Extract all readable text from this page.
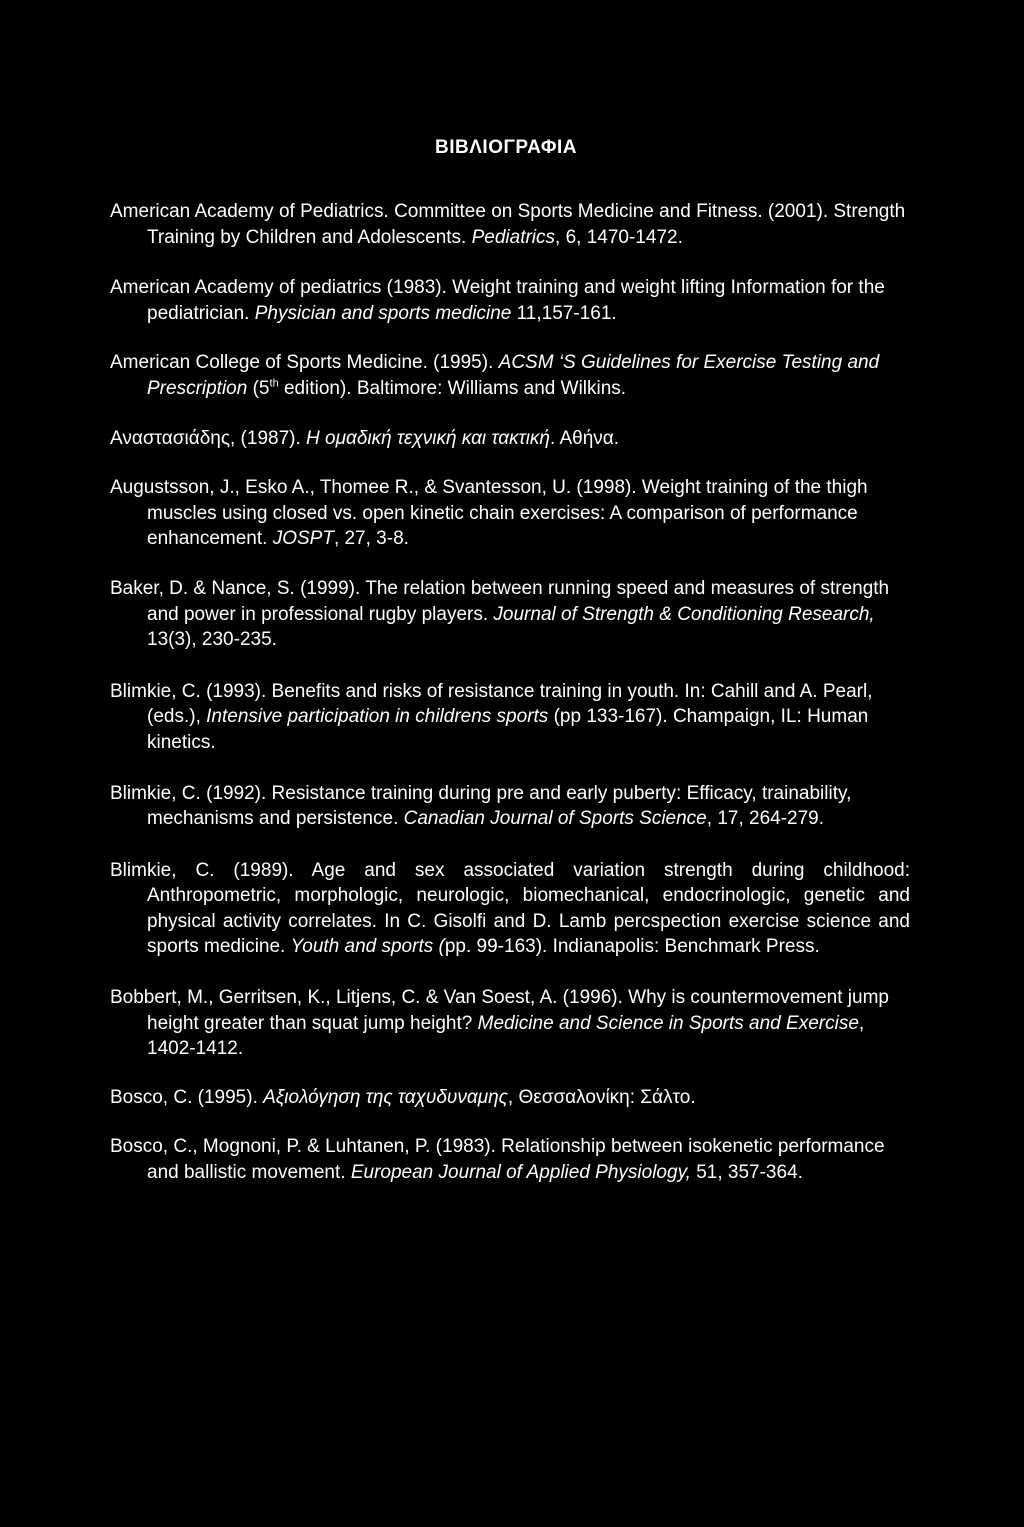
ΒΙΒΛΙΟΓΡΑΦΙΑ
American Academy of Pediatrics. Committee on Sports Medicine and Fitness. (2001). Strength Training by Children and Adolescents. Pediatrics, 6, 1470-1472.
American Academy of pediatrics (1983). Weight training and weight lifting Information for the pediatrician. Physician and sports medicine 11,157-161.
American College of Sports Medicine. (1995). ACSM ‘S Guidelines for Exercise Testing and Prescription (5th edition). Baltimore: Williams and Wilkins.
Αναστασιάδης, (1987). Η ομαδική τεχνική και τακτική. Αθήνα.
Augustsson, J., Esko A., Thomee R., & Svantesson, U. (1998). Weight training of the thigh muscles using closed vs. open kinetic chain exercises: A comparison of performance enhancement. JOSPT, 27, 3-8.
Baker, D. & Nance, S. (1999). The relation between running speed and measures of strength and power in professional rugby players. Journal of Strength & Conditioning Research, 13(3), 230-235.
Blimkie, C. (1993). Benefits and risks of resistance training in youth. In: Cahill and A. Pearl, (eds.), Intensive participation in childrens sports (pp 133-167). Champaign, IL: Human kinetics.
Blimkie, C. (1992). Resistance training during pre and early puberty: Efficacy, trainability, mechanisms and persistence. Canadian Journal of Sports Science, 17, 264-279.
Blimkie, C. (1989). Age and sex associated variation strength during childhood: Anthropometric, morphologic, neurologic, biomechanical, endocrinologic, genetic and physical activity correlates. In C. Gisolfi and D. Lamb percspection exercise science and sports medicine. Youth and sports (pp. 99-163). Indianapolis: Benchmark Press.
Bobbert, M., Gerritsen, K., Litjens, C. & Van Soest, A. (1996). Why is countermovement jump height greater than squat jump height? Medicine and Science in Sports and Exercise, 1402-1412.
Bosco, C. (1995). Αξιολόγηση της ταχυδυναμης, Θεσσαλονίκη: Σάλτο.
Bosco, C., Mognoni, P. & Luhtanen, P. (1983). Relationship between isokenetic performance and ballistic movement. European Journal of Applied Physiology, 51, 357-364.
